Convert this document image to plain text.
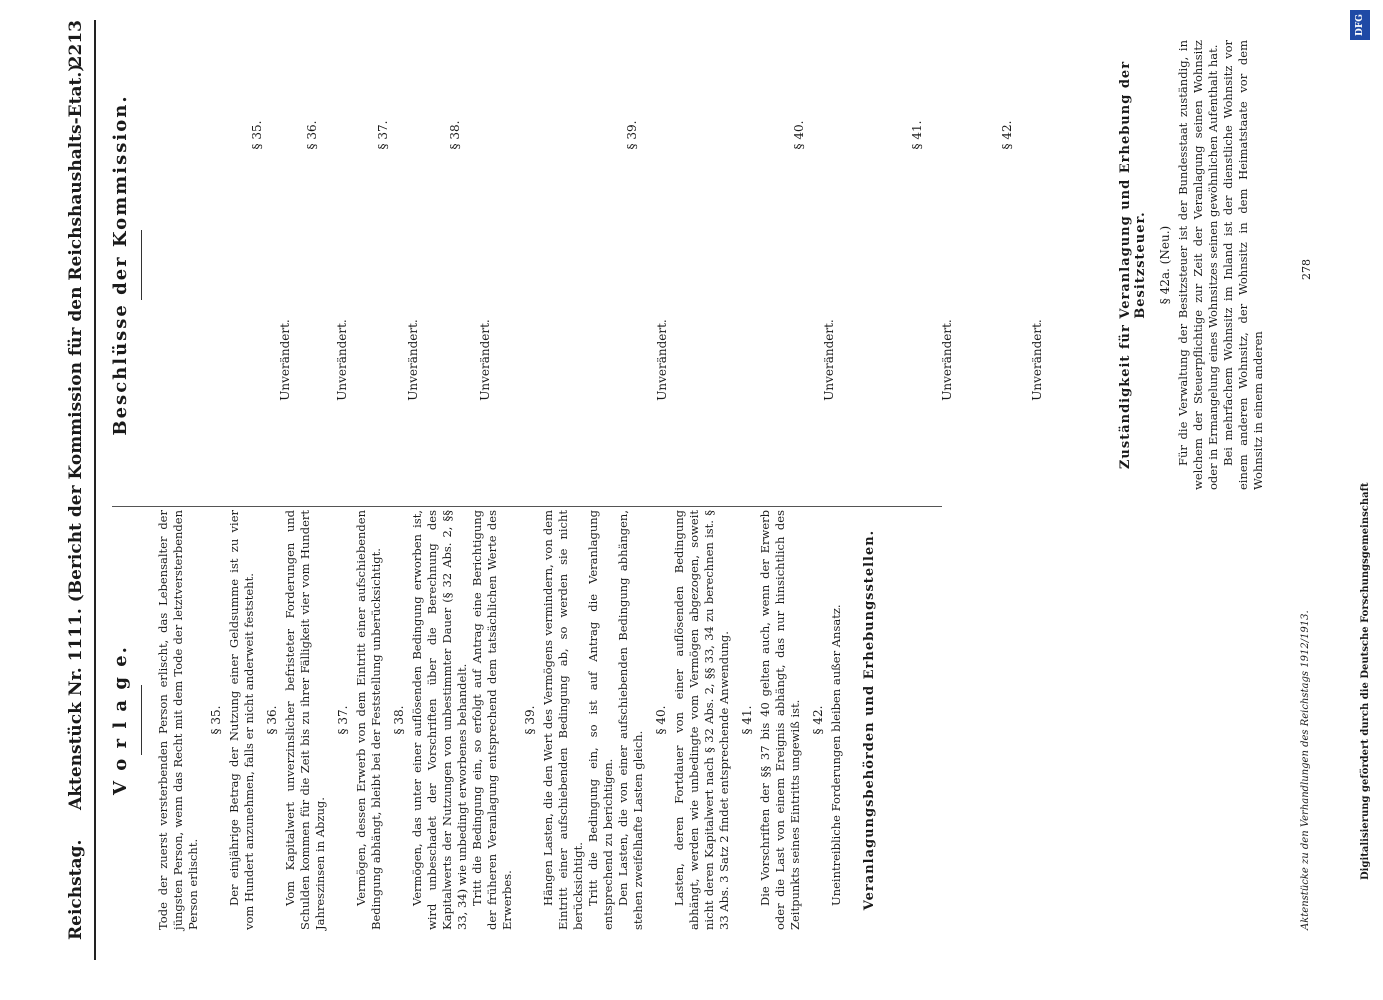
Reichstag.
Aktenstück Nr. 1111. (Bericht der Kommission für den Reichshaushalts-Etat.)
2213
V o r l a g e. Tode der zuerst versterbenden Person erlischt, das Lebensalter der jüngsten Person, wenn das Recht mit dem Tode der letztversterbenden Person erlischt.

§ 35. Der einjährige Betrag der Nutzung einer Geldsumme ist zu vier vom Hundert anzunehmen, falls er nicht anderweit feststeht. § 36. Vom Kapitalwert unverzinslicher befristeter Forderungen und Schulden kommen für die Zeit bis zu ihrer Fälligkeit vier vom Hundert Jahreszinsen in Abzug.

§ 37. Vermögen, dessen Erwerb von dem Eintritt einer aufschiebenden Bedingung abhängt, bleibt bei der Feststellung unberücksichtigt. § 38. Vermögen, das unter einer auflösenden Bedingung erworben ist, wird unbeschadet der Vorschriften über die Berechnung des Kapitalwerts der Nutzungen von unbestimmter Dauer (§ 32 Abs. 2, §§ 33, 34) wie unbedingt erworbenes behandelt. Tritt die Bedingung ein, so erfolgt auf Antrag eine Berichtigung der früheren Veranlagung entsprechend dem tatsächlichen Werte des Erwerbes.

§ 39. Hängen Lasten, die den Wert des Vermögens vermindern, von dem Eintritt einer aufschiebenden Bedingung ab, so werden sie nicht berücksichtigt. Tritt die Bedingung ein, so ist auf Antrag die Veranlagung entsprechend zu berichtigen. Den Lasten, die von einer aufschiebenden Bedingung abhängen, stehen zweifelhafte Lasten gleich.

§ 40. Lasten, deren Fortdauer von einer auflösenden Bedingung abhängt, werden wie unbedingte vom Vermögen abgezogen, soweit nicht deren Kapitalwert nach § 32 Abs. 2, §§ 33, 34 zu berechnen ist. § 33 Abs. 3 Satz 2 findet entsprechende Anwendung. § 41. Die Vorschriften der §§ 37 bis 40 gelten auch, wenn der Erwerb oder die Last von einem Ereignis abhängt, das nur hinsichtlich des Zeitpunkts seines Eintritts ungewiß ist. § 42. Uneintreibliche Forderungen bleiben außer Ansatz. Veranlagungsbehörden und Erhebungsstellen.
Beschlüsse der Kommission.	Unverändert.
§ 35.
Unverändert.
§ 36.
Unverändert.
§ 37.
Unverändert.
§ 38.
Unverändert.
§ 39.
Unverändert.
§ 40.
Unverändert.
§ 41.
Unverändert.
§ 42.	Zuständigkeit für Veranlagung und Erhebung der Besitzsteuer. § 42a. (Neu.) Für die Verwaltung der Besitzsteuer ist der Bundesstaat zuständig, in welchem der Steuerpflichtige zur Zeit der Veranlagung seinen Wohnsitz oder in Ermangelung eines Wohnsitzes seinen gewöhnlichen Aufenthalt hat. Bei mehrfachem Wohnsitz im Inland ist der dienstliche Wohnsitz vor einem anderen Wohnsitz, der Wohnsitz in dem Heimatstaate vor dem Wohnsitz in einem anderen

Aktenstücke zu den Verhandlungen des Reichstags 1912/1913.
278
Digitalisierung gefördert durch die Deutsche Forschungsgemeinschaft
DFG
